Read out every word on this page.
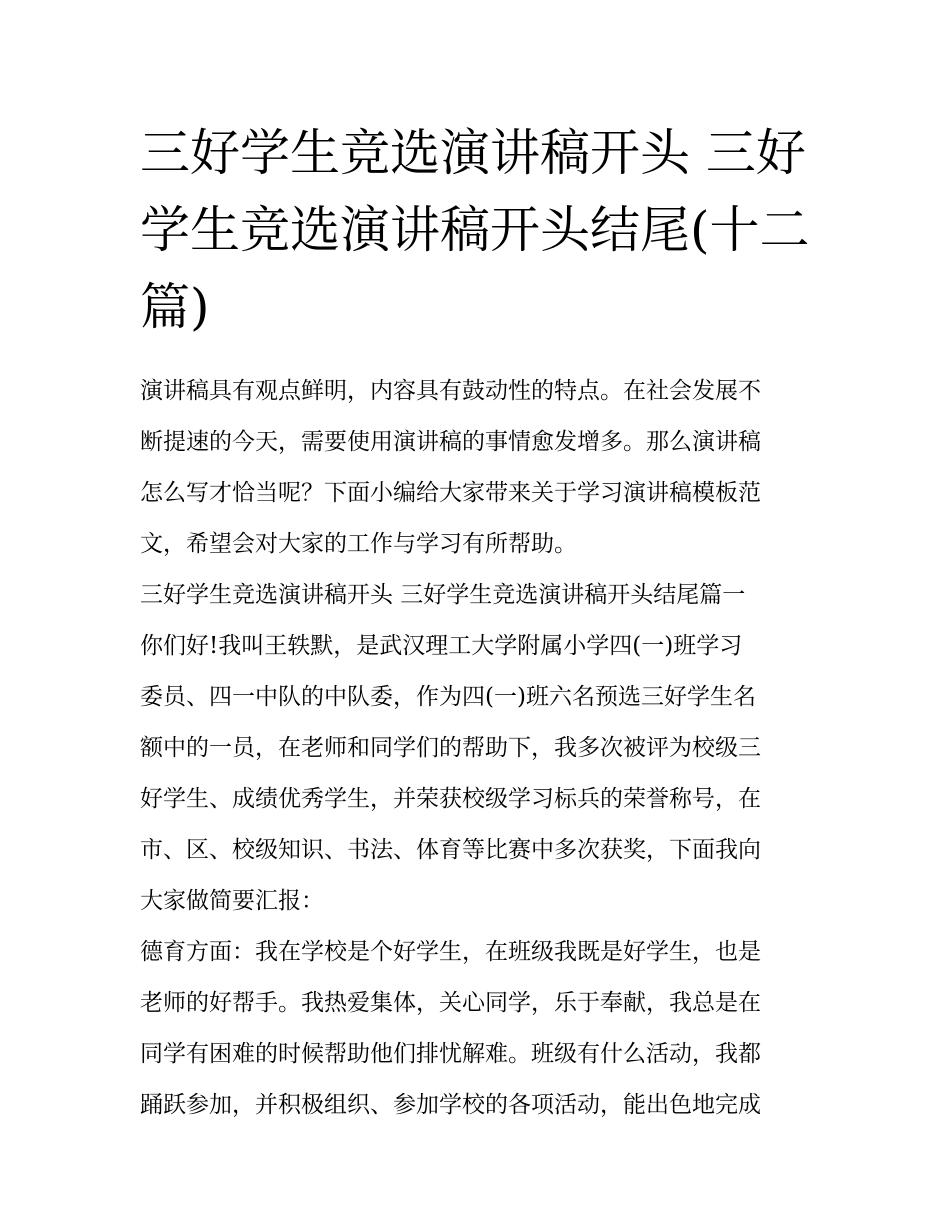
三好学生竞选演讲稿开头 三好
学生竞选演讲稿开头结尾(十二
篇)
演讲稿具有观点鲜明，内容具有鼓动性的特点。在社会发展不
断提速的今天，需要使用演讲稿的事情愈发增多。那么演讲稿
怎么写才恰当呢？下面小编给大家带来关于学习演讲稿模板范
文，希望会对大家的工作与学习有所帮助。
三好学生竞选演讲稿开头 三好学生竞选演讲稿开头结尾篇一
你们好!我叫王轶默，是武汉理工大学附属小学四(一)班学习
委员、四一中队的中队委，作为四(一)班六名预选三好学生名
额中的一员，在老师和同学们的帮助下，我多次被评为校级三
好学生、成绩优秀学生，并荣获校级学习标兵的荣誉称号，在
市、区、校级知识、书法、体育等比赛中多次获奖，下面我向
大家做简要汇报：
德育方面：我在学校是个好学生，在班级我既是好学生，也是
老师的好帮手。我热爱集体，关心同学，乐于奉献，我总是在
同学有困难的时候帮助他们排忧解难。班级有什么活动，我都
踊跃参加，并积极组织、参加学校的各项活动，能出色地完成
